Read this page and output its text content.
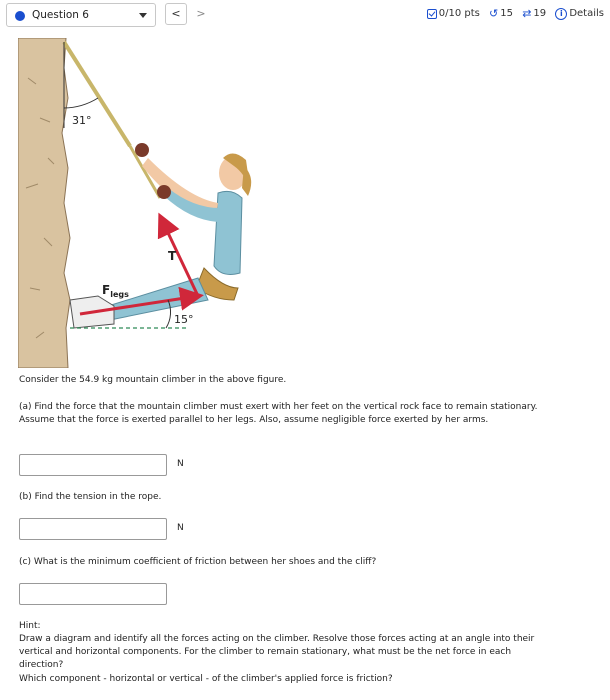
Question 6	<	>	0/10 pts ↺ 15 ⇄ 19 i Details
31°
$F_{legs}$
T
15°
Consider the 54.9 kg mountain climber in the above figure.
(a) Find the force that the mountain climber must exert with her feet on the vertical rock face to remain stationary. Assume that the force is exerted parallel to her legs. Also, assume negligible force exerted by her arms.
N
(b) Find the tension in the rope.
N
(c) What is the minimum coefficient of friction between her shoes and the cliff?
Hint:
Draw a diagram and identify all the forces acting on the climber. Resolve those forces acting at an angle into their vertical and horizontal components. For the climber to remain stationary, what must be the net force in each direction?
Which component - horizontal or vertical - of the climber's applied force is friction?
